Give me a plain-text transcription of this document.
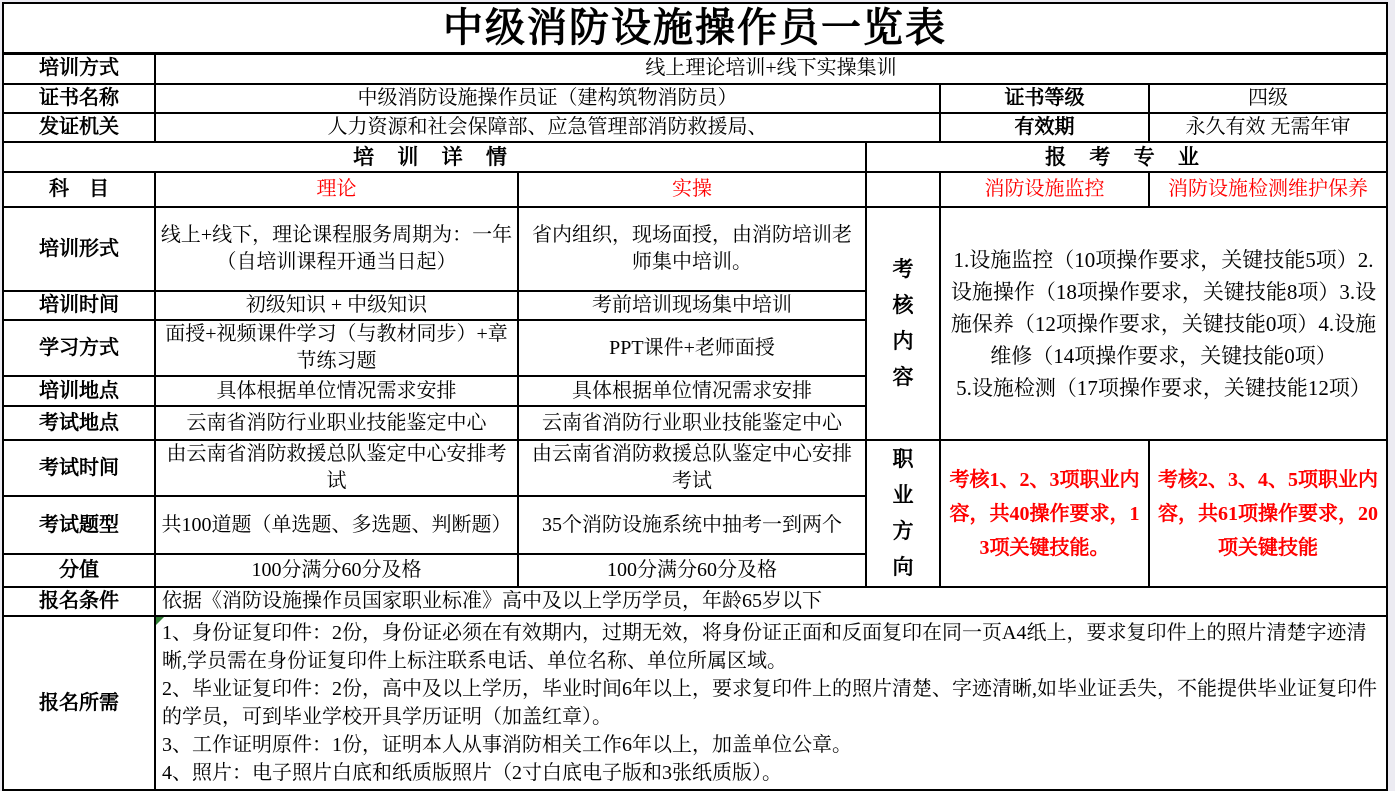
中级消防设施操作员一览表					
培训方式	线上理论培训+线下实操集训				
证书名称	中级消防设施操作员证（建构筑物消防员）			证书等级	四级
发证机关	人力资源和社会保障部、应急管理部消防救援局、			有效期	永久有效 无需年审
培 训 详 情			报 考 专 业		
科　目	理论	实操		消防设施监控	消防设施检测维护保养
培训形式	线上+线下，理论课程服务周期为：一年（自培训课程开通当日起）	省内组织，现场面授，由消防培训老师集中培训。	考核内容	1.设施监控（10项操作要求，关键技能5项）2.设施操作（18项操作要求，关键技能8项）3.设施保养（12项操作要求，关键技能0项）4.设施维修（14项操作要求，关键技能0项）
5.设施检测（17项操作要求，关键技能12项）	

培训时间	初级知识 + 中级知识	考前培训现场集中培训			
学习方式	面授+视频课件学习（与教材同步）+章节练习题	PPT课件+老师面授			
培训地点	具体根据单位情况需求安排	具体根据单位情况需求安排			
考试地点	云南省消防行业职业技能鉴定中心	云南省消防行业职业技能鉴定中心			
考试时间	由云南省消防救援总队鉴定中心安排考试	由云南省消防救援总队鉴定中心安排考试	职业方向	考核1、2、3项职业内容，共40操作要求，13项关键技能。	考核2、3、4、5项职业内容，共61项操作要求，20项关键技能
考试题型	共100道题（单选题、多选题、判断题）	35个消防设施系统中抽考一到两个			
分值	100分满分60分及格	100分满分60分及格			
报名条件	依据《消防设施操作员国家职业标准》高中及以上学历学员，年龄65岁以下				
报名所需	1、身份证复印件：2份，身份证必须在有效期内，过期无效，将身份证正面和反面复印在同一页A4纸上，要求复印件上的照片清楚字迹清晰,学员需在身份证复印件上标注联系电话、单位名称、单位所属区域。
2、毕业证复印件：2份，高中及以上学历，毕业时间6年以上，要求复印件上的照片清楚、字迹清晰,如毕业证丢失，不能提供毕业证复印件的学员，可到毕业学校开具学历证明（加盖红章）。
3、工作证明原件：1份，证明本人从事消防相关工作6年以上，加盖单位公章。
4、照片：电子照片白底和纸质版照片（2寸白底电子版和3张纸质版）。				
